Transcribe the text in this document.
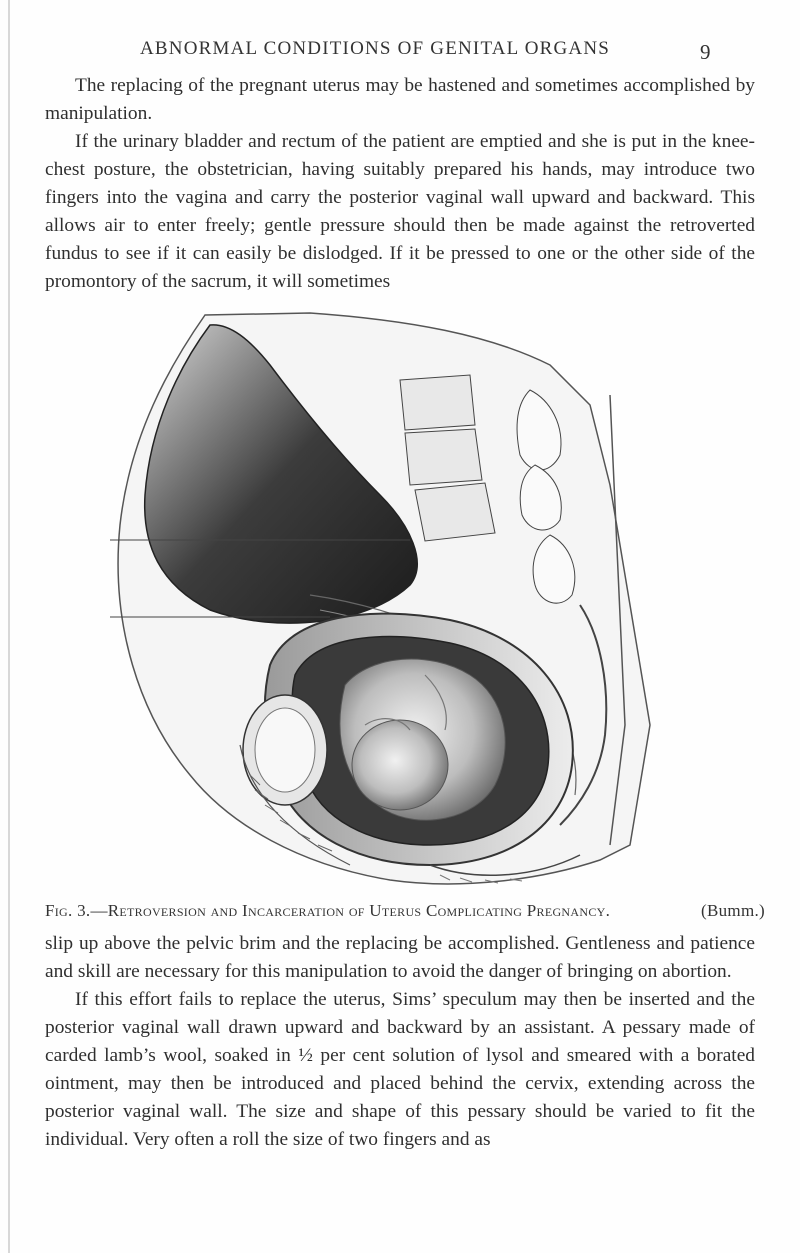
ABNORMAL CONDITIONS OF GENITAL ORGANS	9

The replacing of the pregnant uterus may be hastened and sometimes accomplished by manipulation.

If the urinary bladder and rectum of the patient are emptied and she is put in the knee-chest posture, the obstetrician, having suitably prepared his hands, may introduce two fingers into the vagina and carry the posterior vaginal wall upward and backward. This allows air to enter freely; gentle pressure should then be made against the retroverted fundus to see if it can easily be dislodged. If it be pressed to one or the other side of the promontory of the sacrum, it will sometimes

Fig. 3.—Retroversion and Incarceration of Uterus Complicating Pregnancy.	(Bumm.)

slip up above the pelvic brim and the replacing be accomplished. Gentleness and patience and skill are necessary for this manipulation to avoid the danger of bringing on abortion.

If this effort fails to replace the uterus, Sims’ speculum may then be inserted and the posterior vaginal wall drawn upward and backward by an assistant. A pessary made of carded lamb’s wool, soaked in ½ per cent solution of lysol and smeared with a borated ointment, may then be introduced and placed behind the cervix, extending across the posterior vaginal wall. The size and shape of this pessary should be varied to fit the individual. Very often a roll the size of two fingers and as
